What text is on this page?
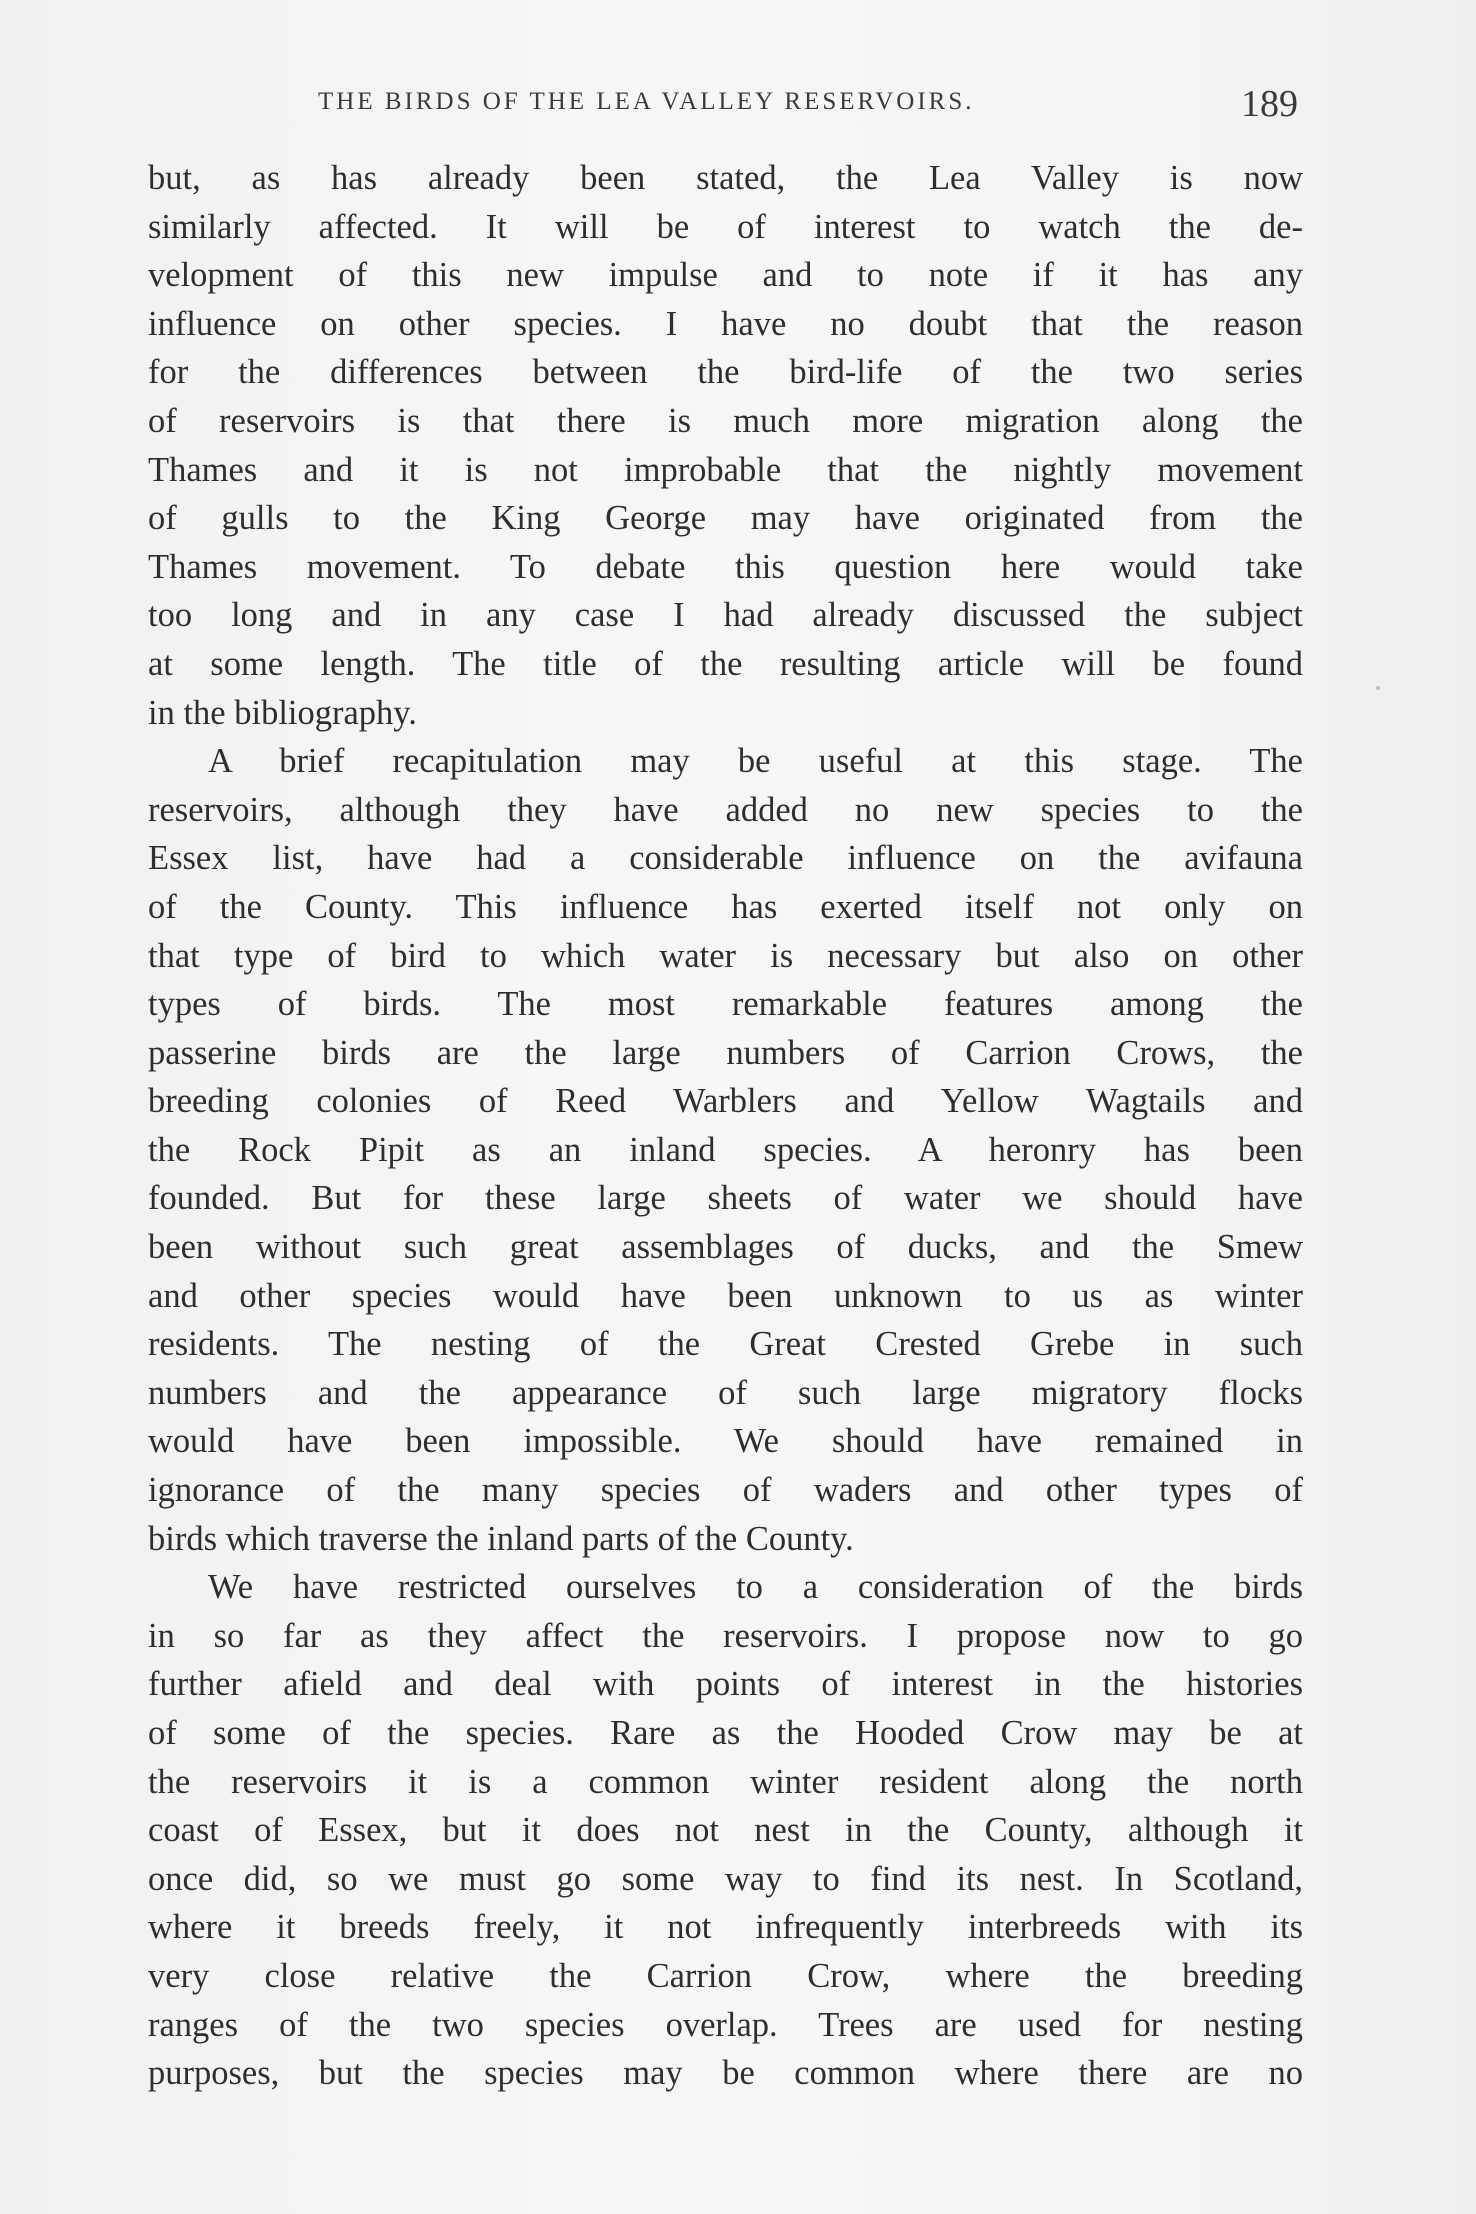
THE BIRDS OF THE LEA VALLEY RESERVOIRS.	189
but, as has already been stated, the Lea Valley is now
similarly affected. It will be of interest to watch the de-
velopment of this new impulse and to note if it has any
influence on other species. I have no doubt that the reason
for the differences between the bird-life of the two series
of reservoirs is that there is much more migration along the
Thames and it is not improbable that the nightly movement
of gulls to the King George may have originated from the
Thames movement. To debate this question here would take
too long and in any case I had already discussed the subject
at some length. The title of the resulting article will be found
in the bibliography.
A brief recapitulation may be useful at this stage. The
reservoirs, although they have added no new species to the
Essex list, have had a considerable influence on the avifauna
of the County. This influence has exerted itself not only on
that type of bird to which water is necessary but also on other
types of birds. The most remarkable features among the
passerine birds are the large numbers of Carrion Crows, the
breeding colonies of Reed Warblers and Yellow Wagtails and
the Rock Pipit as an inland species. A heronry has been
founded. But for these large sheets of water we should have
been without such great assemblages of ducks, and the Smew
and other species would have been unknown to us as winter
residents. The nesting of the Great Crested Grebe in such
numbers and the appearance of such large migratory flocks
would have been impossible. We should have remained in
ignorance of the many species of waders and other types of
birds which traverse the inland parts of the County.
We have restricted ourselves to a consideration of the birds
in so far as they affect the reservoirs. I propose now to go
further afield and deal with points of interest in the histories
of some of the species. Rare as the Hooded Crow may be at
the reservoirs it is a common winter resident along the north
coast of Essex, but it does not nest in the County, although it
once did, so we must go some way to find its nest. In Scotland,
where it breeds freely, it not infrequently interbreeds with its
very close relative the Carrion Crow, where the breeding
ranges of the two species overlap. Trees are used for nesting
purposes, but the species may be common where there are no
